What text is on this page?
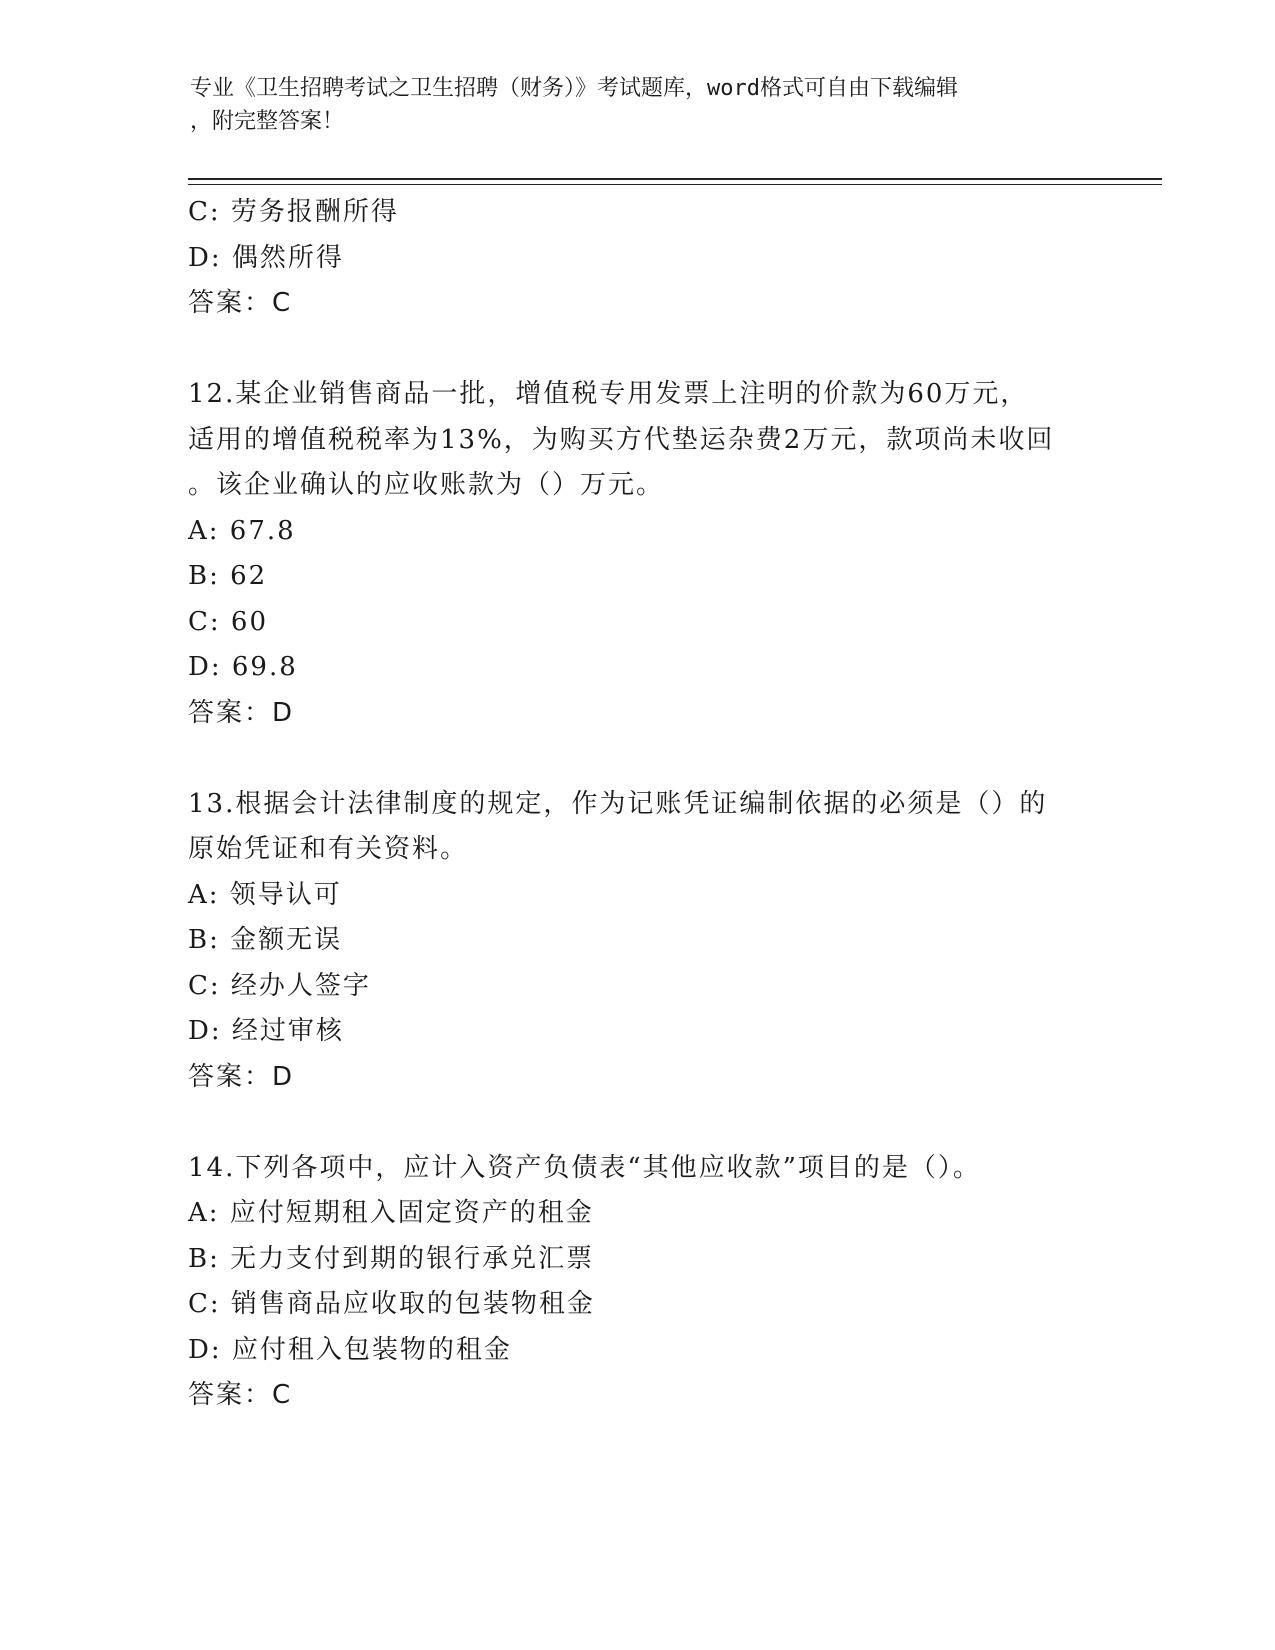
专业《卫生招聘考试之卫生招聘（财务）》考试题库，word格式可自由下载编辑
，附完整答案！
C: 劳务报酬所得
D: 偶然所得
答案：C
12.某企业销售商品一批，增值税专用发票上注明的价款为60万元，
适用的增值税税率为13%，为购买方代垫运杂费2万元，款项尚未收回
。该企业确认的应收账款为（）万元。
A: 67.8
B: 62
C: 60
D: 69.8
答案：D
13.根据会计法律制度的规定，作为记账凭证编制依据的必须是（）的
原始凭证和有关资料。
A: 领导认可
B: 金额无误
C: 经办人签字
D: 经过审核
答案：D
14.下列各项中，应计入资产负债表“其他应收款”项目的是（）。
A: 应付短期租入固定资产的租金
B: 无力支付到期的银行承兑汇票
C: 销售商品应收取的包装物租金
D: 应付租入包装物的租金
答案：C
